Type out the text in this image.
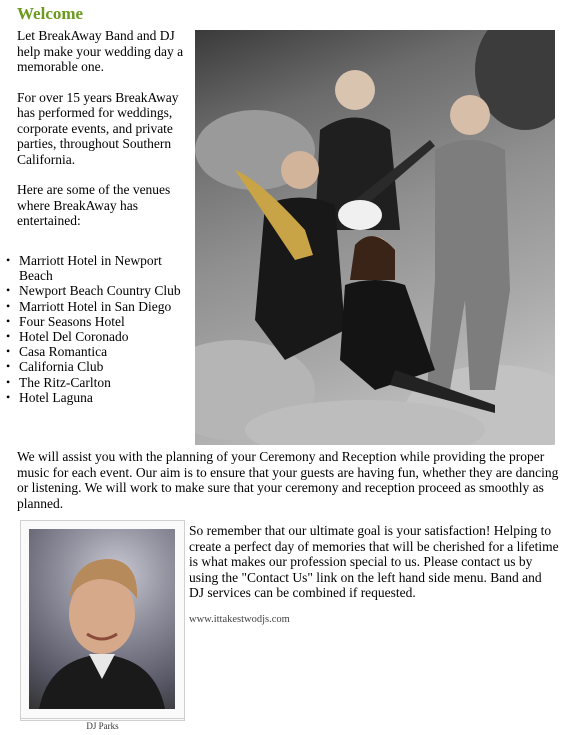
Welcome

Let BreakAway Band and DJ help make your wedding day a memorable one.

For over 15 years BreakAway has performed for weddings, corporate events, and private parties, throughout Southern California.

Here are some of the venues where BreakAway has entertained:

• Marriott Hotel in Newport Beach
• Newport Beach Country Club
• Marriott Hotel in San Diego
• Four Seasons Hotel
• Hotel Del Coronado
• Casa Romantica
• California Club
• The Ritz-Carlton
• Hotel Laguna
We will assist you with the planning of your Ceremony and Reception while providing the proper music for each event. Our aim is to ensure that your guests are having fun, whether they are dancing or listening. We will work to make sure that your ceremony and reception proceed as smoothly as planned.
DJ Parks
So remember that our ultimate goal is your satisfaction! Helping to create a perfect day of memories that will be cherished for a lifetime is what makes our profession special to us. Please contact us by using the "Contact Us" link on the left hand side menu. Band and DJ services can be combined if requested.
www.ittakestwodjs.com
